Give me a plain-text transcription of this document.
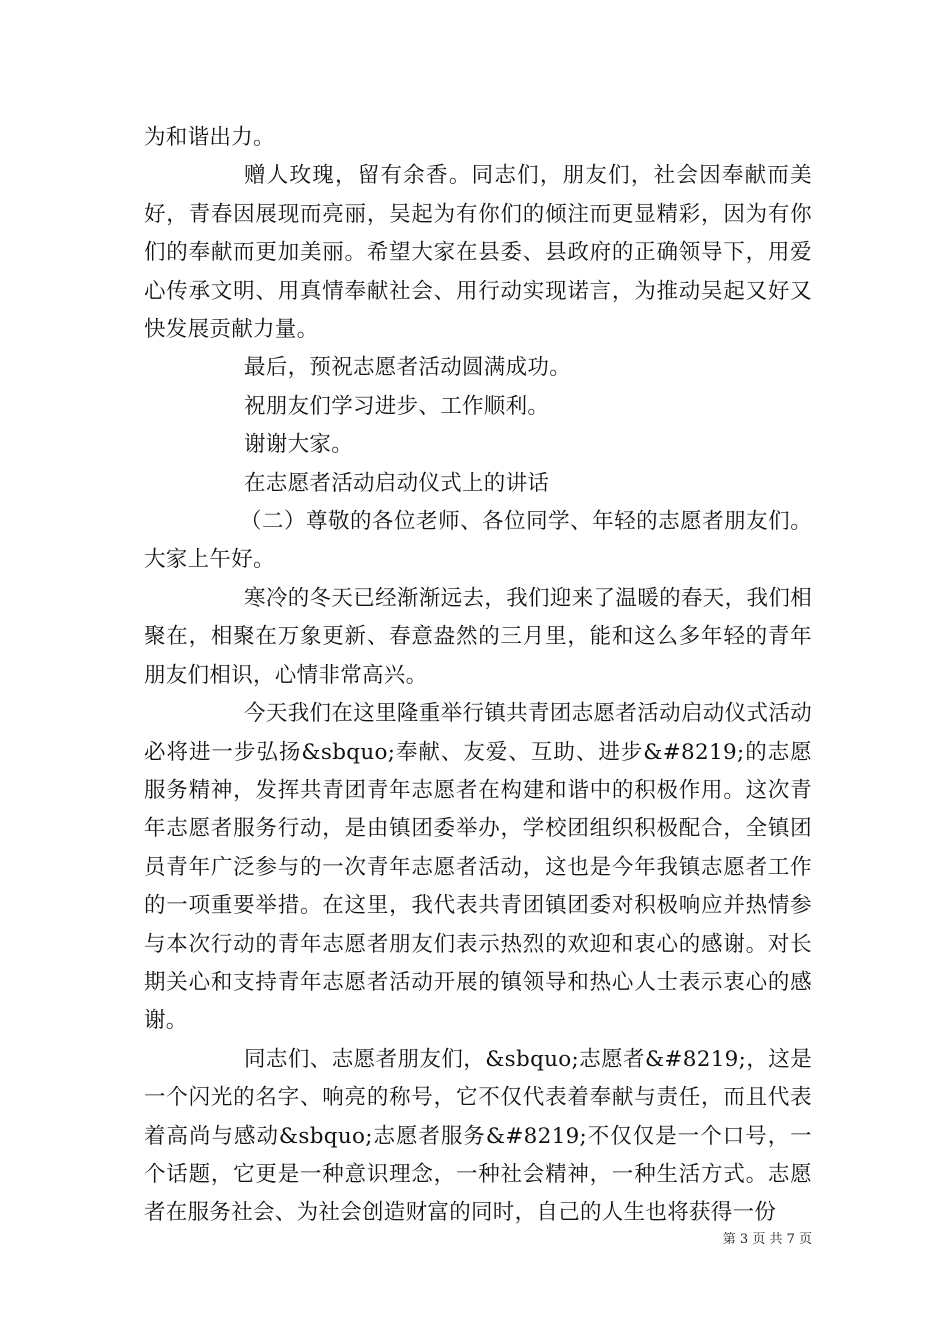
为和谐出力。

赠人玫瑰，留有余香。同志们，朋友们，社会因奉献而美好，青春因展现而亮丽，吴起为有你们的倾注而更显精彩，因为有你们的奉献而更加美丽。希望大家在县委、县政府的正确领导下，用爱心传承文明、用真情奉献社会、用行动实现诺言，为推动吴起又好又快发展贡献力量。

最后，预祝志愿者活动圆满成功。

祝朋友们学习进步、工作顺利。

谢谢大家。

在志愿者活动启动仪式上的讲话

（二）尊敬的各位老师、各位同学、年轻的志愿者朋友们。大家上午好。

寒冷的冬天已经渐渐远去，我们迎来了温暖的春天，我们相聚在，相聚在万象更新、春意盎然的三月里，能和这么多年轻的青年朋友们相识，心情非常高兴。

今天我们在这里隆重举行镇共青团志愿者活动启动仪式活动必将进一步弘扬&sbquo;奉献、友爱、互助、进步&#8219;的志愿服务精神，发挥共青团青年志愿者在构建和谐中的积极作用。这次青年志愿者服务行动，是由镇团委举办，学校团组织积极配合，全镇团员青年广泛参与的一次青年志愿者活动，这也是今年我镇志愿者工作的一项重要举措。在这里，我代表共青团镇团委对积极响应并热情参与本次行动的青年志愿者朋友们表示热烈的欢迎和衷心的感谢。对长期关心和支持青年志愿者活动开展的镇领导和热心人士表示衷心的感谢。

同志们、志愿者朋友们，&sbquo;志愿者&#8219;，这是一个闪光的名字、响亮的称号，它不仅代表着奉献与责任，而且代表着高尚与感动&sbquo;志愿者服务&#8219;不仅仅是一个口号，一个话题，它更是一种意识理念，一种社会精神，一种生活方式。志愿者在服务社会、为社会创造财富的同时，自己的人生也将获得一份

第 3 页 共 7 页
